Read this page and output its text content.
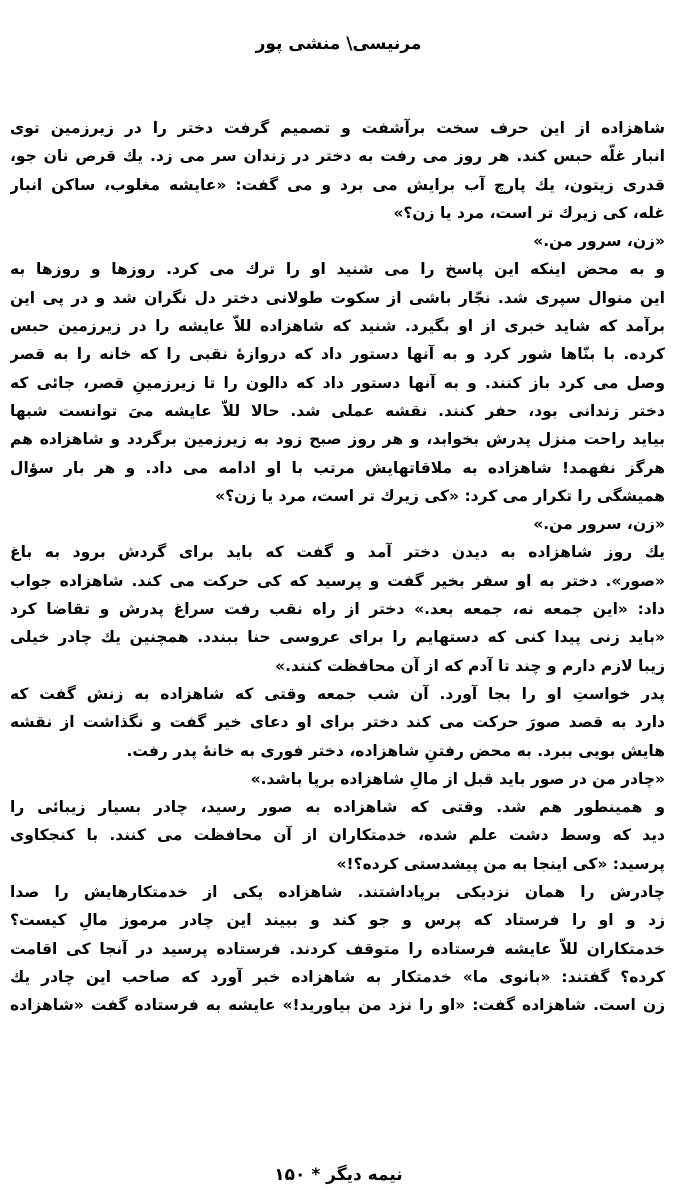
مرنیسی\ منشی پور
شاهزاده از این حرف سخت برآشفت و تصمیم گرفت دختر را در زیرزمین توی
انبار غلّه حبس کند. هر روز می رفت به دختر در زندان سر می زد. یك قرص نان جو،
قدری زیتون، یك پارچ آب برایش می برد و می گفت: «عایشه مغلوب، ساکن انبار
غله، کی زیرك تر است، مرد یا زن؟»
«زن، سرور من.»
و به محض اینکه این پاسخ را می شنید او را ترك می کرد. روزها و روزها به
این منوال سپری شد. نجّار باشی از سکوت طولانی دختر دل نگران شد و در پی این
برآمد که شاید خبری از او بگیرد. شنید که شاهزاده للاّ عایشه را در زیرزمین حبس
کرده. با بنّاها شور کرد و به آنها دستور داد که دروازهٔ نقبی را که خانه را به قصر
وصل می کرد باز کنند. و به آنها دستور داد که دالون را تا زیرزمینِ قصر، جائی که
دختر زندانی بود، حفر کنند. نقشه عملی شد. حالا للاّ عایشه میَ توانست شبها
بیاید راحت منزل پدرش بخوابد، و هر روز صبح زود به زیرزمین برگردد و شاهزاده هم
هرگز نفهمد! شاهزاده به ملاقاتهایش مرتب با او ادامه می داد. و هر بار سؤال
همیشگی را تکرار می کرد: «کی زیرك تر است، مرد یا زن؟»
«زن، سرور من.»
یك روز شاهزاده به دیدن دختر آمد و گفت که باید برای گردش برود به باغ
«صور». دختر به او سفر بخیر گفت و پرسید که کی حرکت می کند. شاهزاده جواب
داد: «این جمعه نه، جمعه بعد.» دختر از راه نقب رفت سراغ پدرش و تقاضا کرد
«باید زنی پیدا کنی که دستهایم را برای عروسی حنا ببندد. همچنین یك چادر خیلی
زیبا لازم دارم و چند تا آدم که از آن محافظت کنند.»
پدر خواستِ او را بجا آورد. آن شب جمعه وقتی که شاهزاده به زنش گفت که
دارد به قصد صورَ حرکت می کند دختر برای او دعای خیر گفت و نگذاشت از نقشه
هایش بویی ببرد. به محض رفتنِ شاهزاده، دختر فوری به خانهٔ پدر رفت.
«چادر من در صور باید قبل از مالِ شاهزاده برپا باشد.»
و همینطور هم شد. وقتی که شاهزاده به صور رسید، چادر بسیار زیبائی را
دید که وسط دشت علم شده، خدمتکاران از آن محافظت می کنند. با کنجکاوی
پرسید: «کی اینجا به من پیشدستی کرده؟!»
چادرش را همان نزدیکی برپاداشتند. شاهزاده یکی از خدمتکارهایش را صدا
زد و او را فرستاد که پرس و جو کند و ببیند این چادر مرموز مالِ کیست؟
خدمتکاران للاّ عایشه فرستاده را متوقف کردند. فرستاده پرسید در آنجا کی اقامت
کرده؟ گفتند: «بانوی ما» خدمتکار به شاهزاده خبر آورد که صاحب این چادر یك
زن است. شاهزاده گفت: «او را نزد من بیاورید!» عایشه به فرستاده گفت «شاهزاده
نیمه دیگر * ۱۵۰
